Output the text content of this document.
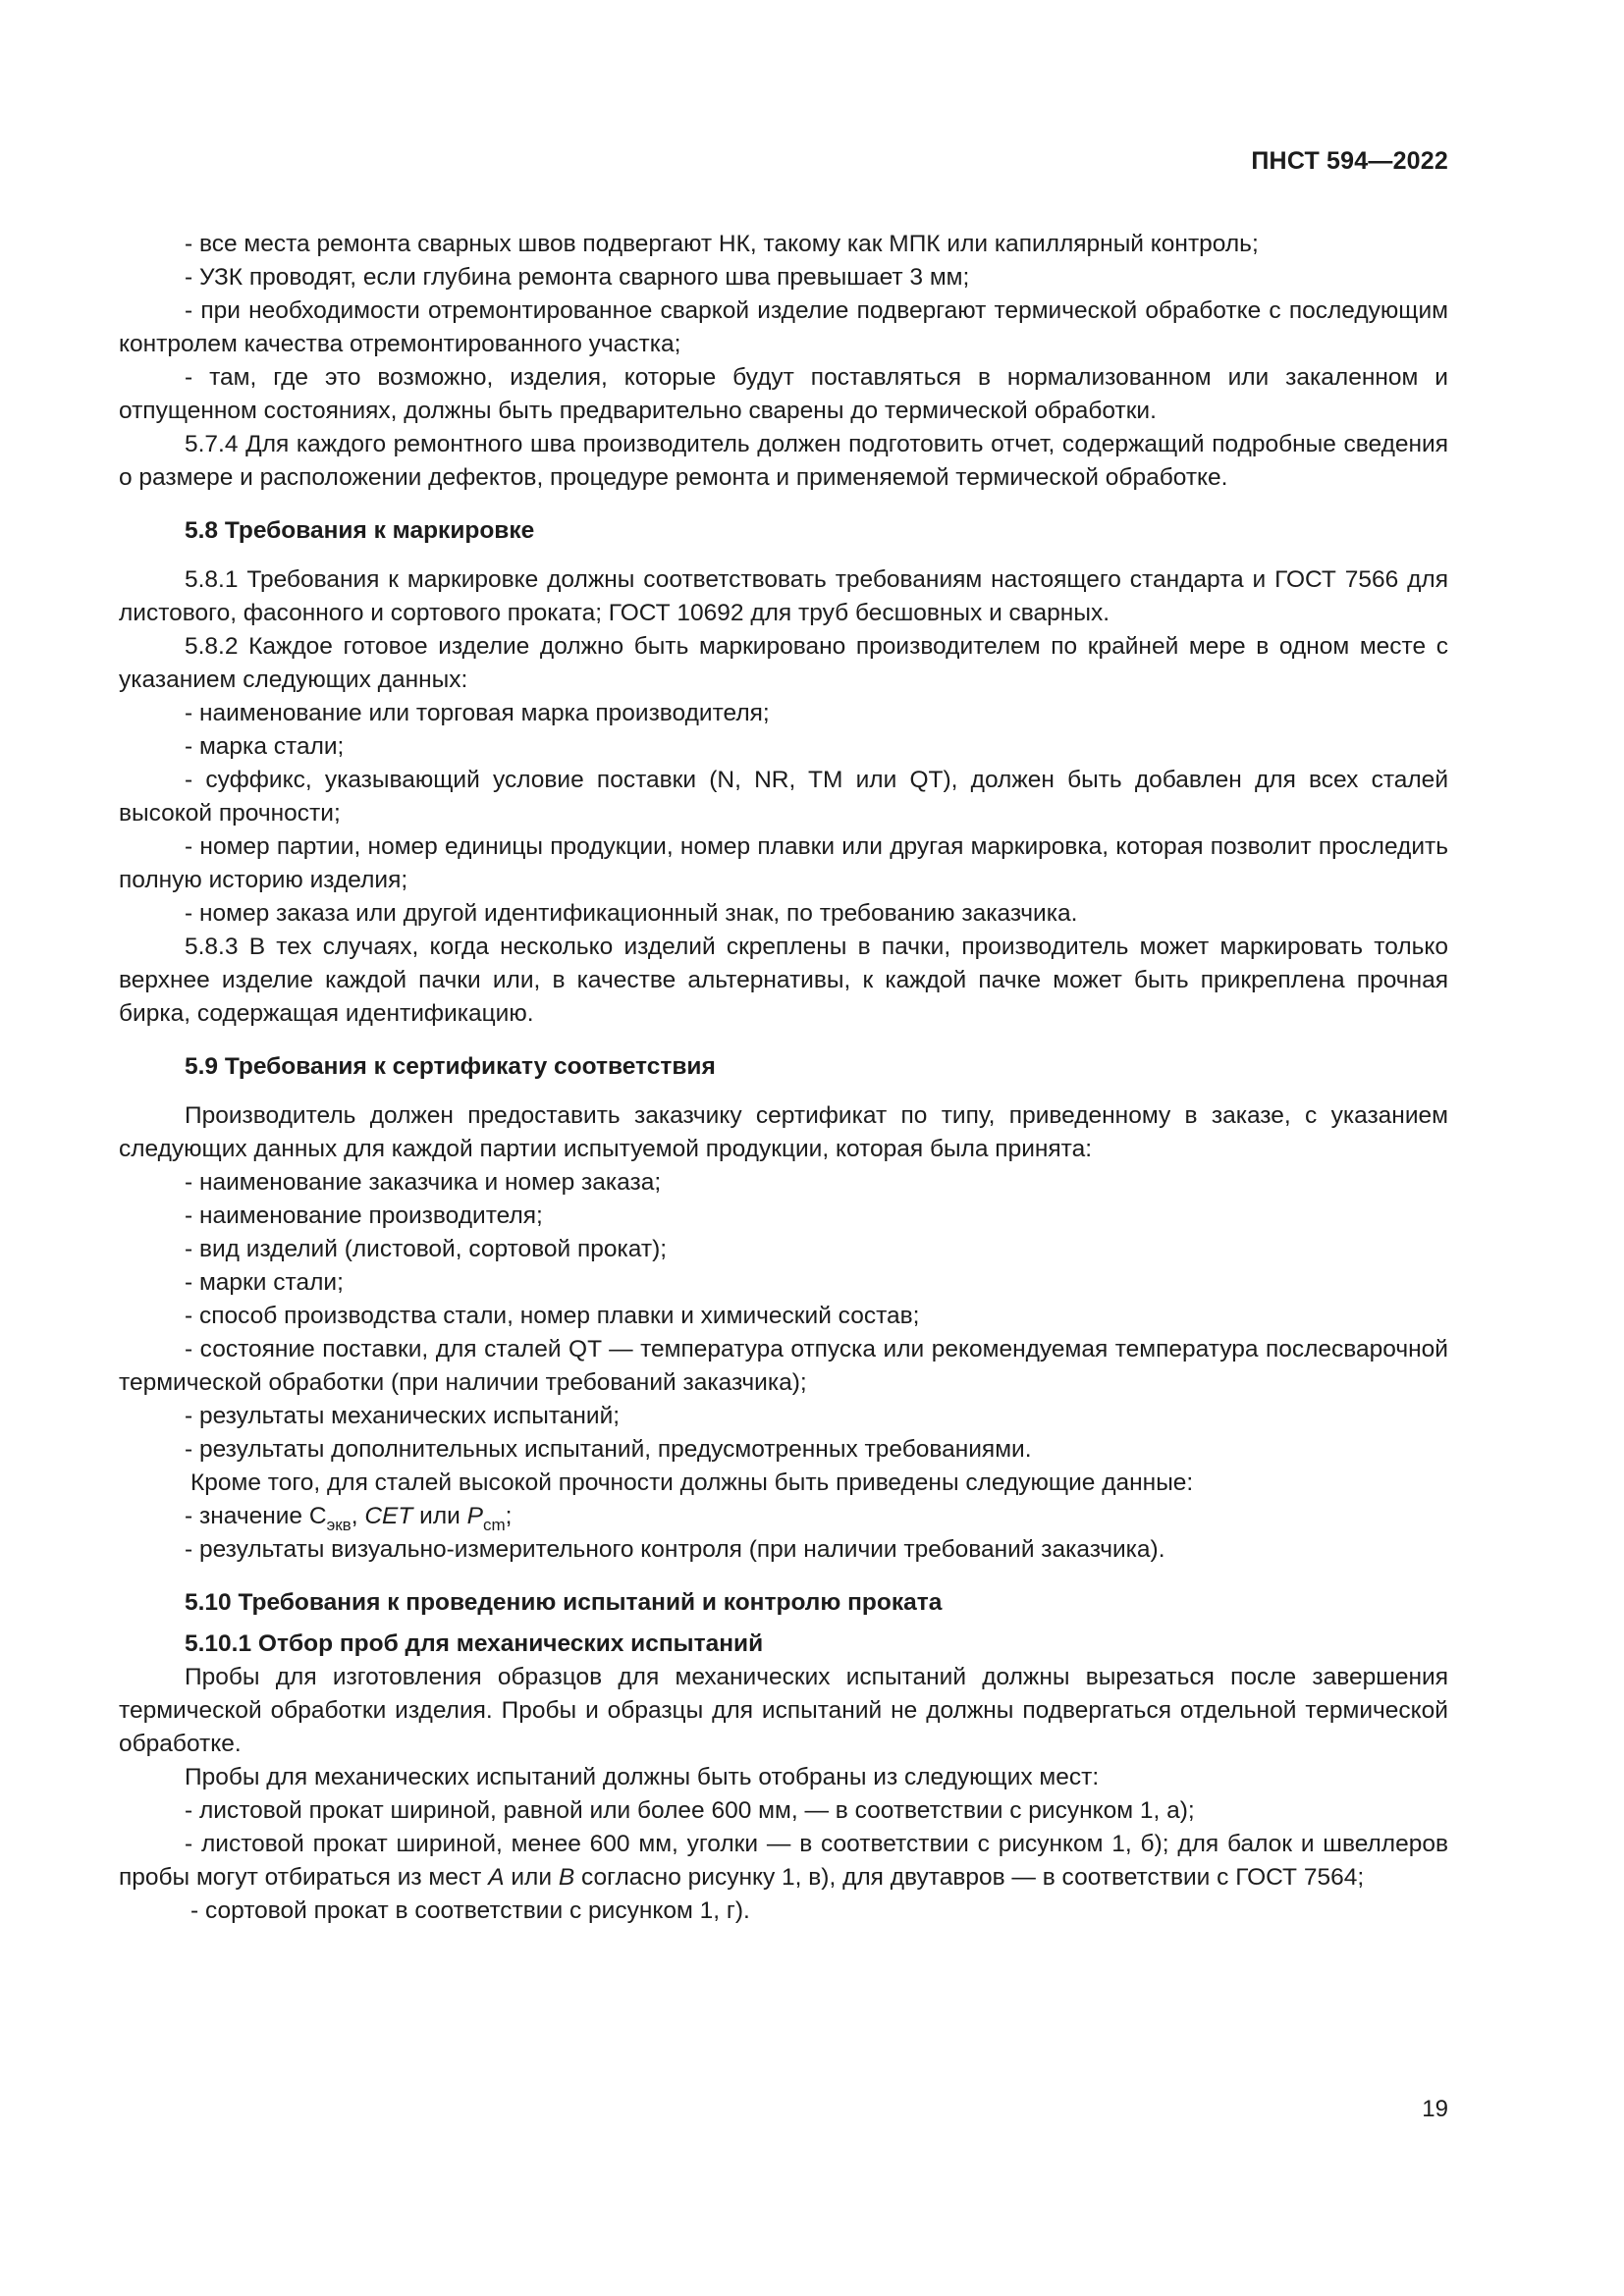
ПНСТ 594—2022

- все места ремонта сварных швов подвергают НК, такому как МПК или капиллярный контроль;

- УЗК проводят, если глубина ремонта сварного шва превышает 3 мм;

- при необходимости отремонтированное сваркой изделие подвергают термической обработке с последующим контролем качества отремонтированного участка;

- там, где это возможно, изделия, которые будут поставляться в нормализованном или закаленном и отпущенном состояниях, должны быть предварительно сварены до термической обработки.

5.7.4 Для каждого ремонтного шва производитель должен подготовить отчет, содержащий подробные сведения о размере и расположении дефектов, процедуре ремонта и применяемой термической обработке.

5.8 Требования к маркировке

5.8.1 Требования к маркировке должны соответствовать требованиям настоящего стандарта и ГОСТ 7566 для листового, фасонного и сортового проката; ГОСТ 10692 для труб бесшовных и сварных.

5.8.2 Каждое готовое изделие должно быть маркировано производителем по крайней мере в одном месте с указанием следующих данных:

- наименование или торговая марка производителя;

- марка стали;

- суффикс, указывающий условие поставки (N, NR, TM или QT), должен быть добавлен для всех сталей высокой прочности;

- номер партии, номер единицы продукции, номер плавки или другая маркировка, которая позволит проследить полную историю изделия;

- номер заказа или другой идентификационный знак, по требованию заказчика.

5.8.3 В тех случаях, когда несколько изделий скреплены в пачки, производитель может маркировать только верхнее изделие каждой пачки или, в качестве альтернативы, к каждой пачке может быть прикреплена прочная бирка, содержащая идентификацию.

5.9 Требования к сертификату соответствия

Производитель должен предоставить заказчику сертификат по типу, приведенному в заказе, с указанием следующих данных для каждой партии испытуемой продукции, которая была принята:

- наименование заказчика и номер заказа;

- наименование производителя;

- вид изделий (листовой, сортовой прокат);

- марки стали;

- способ производства стали, номер плавки и химический состав;

- состояние поставки, для сталей QT — температура отпуска или рекомендуемая температура послесварочной термической обработки (при наличии требований заказчика);

- результаты механических испытаний;

- результаты дополнительных испытаний, предусмотренных требованиями.

Кроме того, для сталей высокой прочности должны быть приведены следующие данные:

- значение $C_{экв}$, CET или $P_{cm}$;

- результаты визуально-измерительного контроля (при наличии требований заказчика).

5.10 Требования к проведению испытаний и контролю проката

5.10.1 Отбор проб для механических испытаний

Пробы для изготовления образцов для механических испытаний должны вырезаться после завершения термической обработки изделия. Пробы и образцы для испытаний не должны подвергаться отдельной термической обработке.

Пробы для механических испытаний должны быть отобраны из следующих мест:

- листовой прокат шириной, равной или более 600 мм, — в соответствии с рисунком 1, а);

- листовой прокат шириной, менее 600 мм, уголки — в соответствии с рисунком 1, б); для балок и швеллеров пробы могут отбираться из мест A или B согласно рисунку 1, в), для двутавров — в соответствии с ГОСТ 7564;

- сортовой прокат в соответствии с рисунком 1, г).

19
